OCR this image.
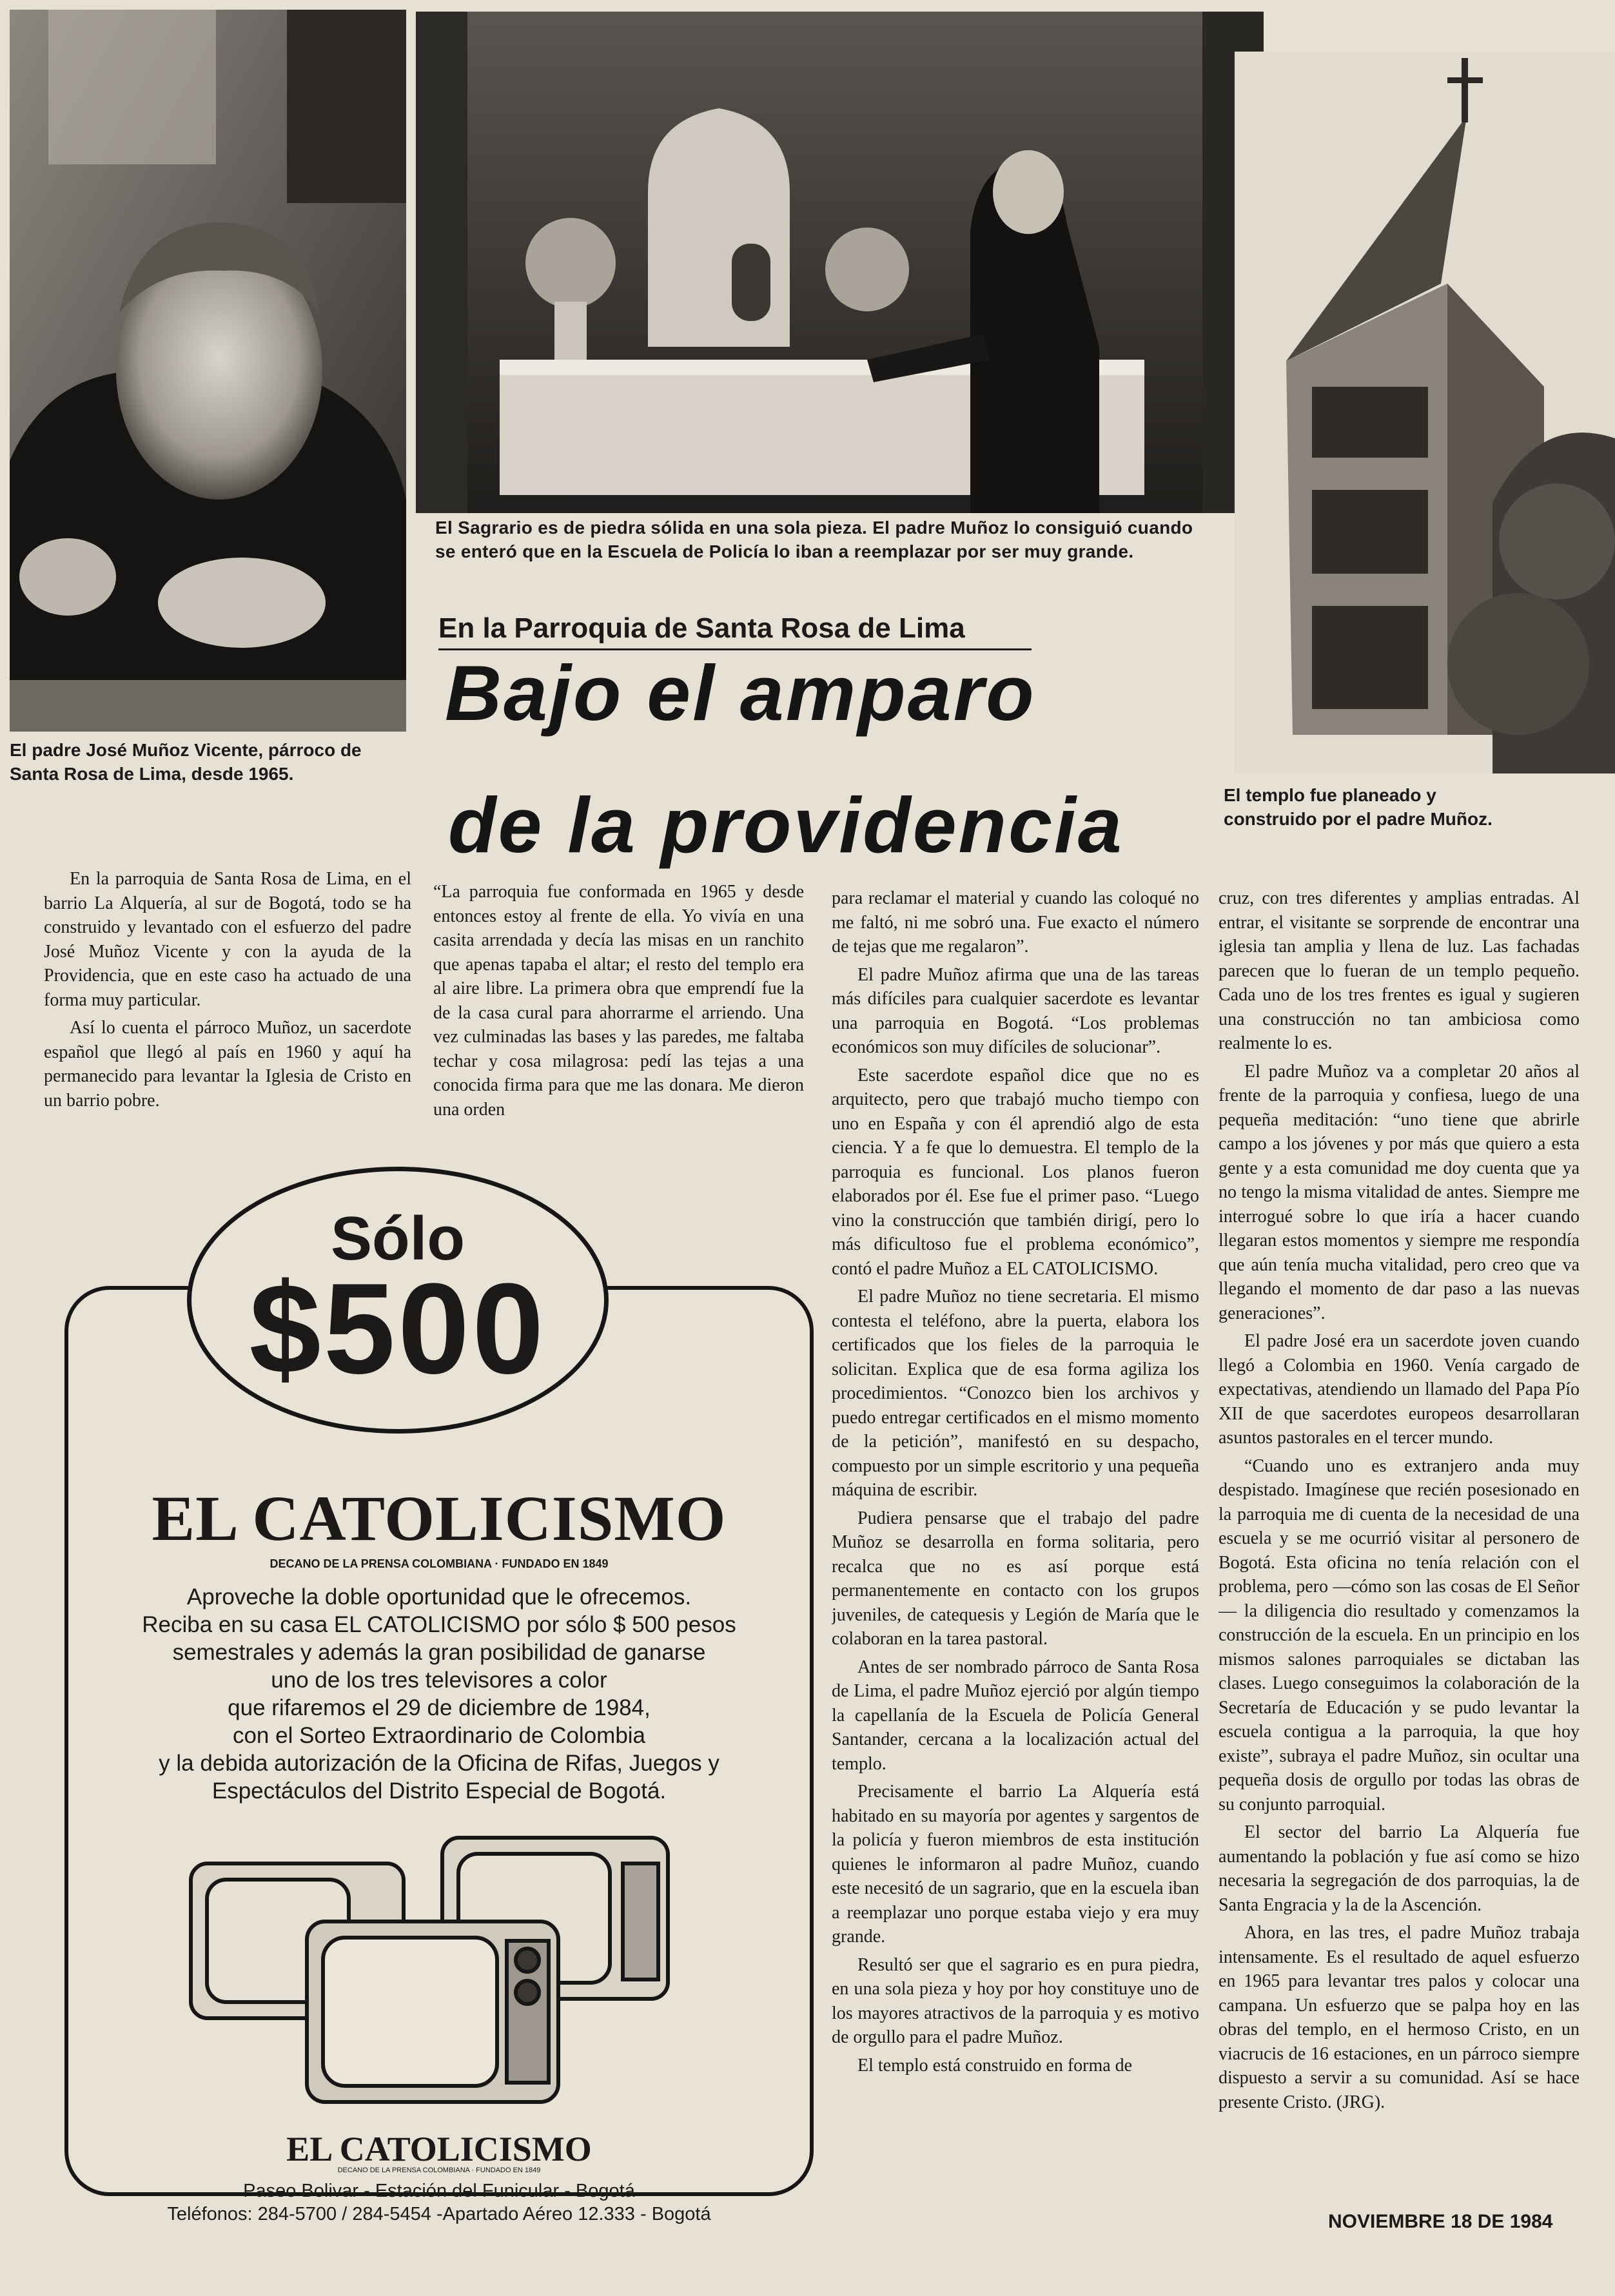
El padre José Muñoz Vicente, párroco de Santa Rosa de Lima, desde 1965.

El Sagrario es de piedra sólida en una sola pieza. El padre Muñoz lo consiguió cuando se enteró que en la Escuela de Policía lo iban a reemplazar por ser muy grande.

El templo fue planeado y construido por el padre Muñoz.

En la Parroquia de Santa Rosa de Lima

Bajo el amparo

de la providencia

En la parroquia de Santa Rosa de Lima, en el barrio La Alquería, al sur de Bogotá, todo se ha construido y levantado con el esfuerzo del padre José Muñoz Vicente y con la ayuda de la Providencia, que en este caso ha actuado de una forma muy particular.

Así lo cuenta el párroco Muñoz, un sacerdote español que llegó al país en 1960 y aquí ha permanecido para levantar la Iglesia de Cristo en un barrio pobre.

“La parroquia fue conformada en 1965 y desde entonces estoy al frente de ella. Yo vivía en una casita arrendada y decía las misas en un ranchito que apenas tapaba el altar; el resto del templo era al aire libre. La primera obra que emprendí fue la de la casa cural para ahorrarme el arriendo. Una vez culminadas las bases y las paredes, me faltaba techar y cosa milagrosa: pedí las tejas a una conocida firma para que me las donara. Me dieron una orden

para reclamar el material y cuando las coloqué no me faltó, ni me sobró una. Fue exacto el número de tejas que me regalaron”.

El padre Muñoz afirma que una de las tareas más difíciles para cualquier sacerdote es levantar una parroquia en Bogotá. “Los problemas económicos son muy difíciles de solucionar”.

Este sacerdote español dice que no es arquitecto, pero que trabajó mucho tiempo con uno en España y con él aprendió algo de esta ciencia. Y a fe que lo demuestra. El templo de la parroquia es funcional. Los planos fueron elaborados por él. Ese fue el primer paso. “Luego vino la construcción que también dirigí, pero lo más dificultoso fue el problema económico”, contó el padre Muñoz a EL CATOLICISMO.

El padre Muñoz no tiene secretaria. El mismo contesta el teléfono, abre la puerta, elabora los certificados que los fieles de la parroquia le solicitan. Explica que de esa forma agiliza los procedimientos. “Conozco bien los archivos y puedo entregar certificados en el mismo momento de la petición”, manifestó en su despacho, compuesto por un simple escritorio y una pequeña máquina de escribir.

Pudiera pensarse que el trabajo del padre Muñoz se desarrolla en forma solitaria, pero recalca que no es así porque está permanentemente en contacto con los grupos juveniles, de catequesis y Legión de María que le colaboran en la tarea pastoral.

Antes de ser nombrado párroco de Santa Rosa de Lima, el padre Muñoz ejerció por algún tiempo la capellanía de la Escuela de Policía General Santander, cercana a la localización actual del templo.

Precisamente el barrio La Alquería está habitado en su mayoría por agentes y sargentos de la policía y fueron miembros de esta institución quienes le informaron al padre Muñoz, cuando este necesitó de un sagrario, que en la escuela iban a reemplazar uno porque estaba viejo y era muy grande.

Resultó ser que el sagrario es en pura piedra, en una sola pieza y hoy por hoy constituye uno de los mayores atractivos de la parroquia y es motivo de orgullo para el padre Muñoz.

El templo está construido en forma de

cruz, con tres diferentes y amplias entradas. Al entrar, el visitante se sorprende de encontrar una iglesia tan amplia y llena de luz. Las fachadas parecen que lo fueran de un templo pequeño. Cada uno de los tres frentes es igual y sugieren una construcción no tan ambiciosa como realmente lo es.

El padre Muñoz va a completar 20 años al frente de la parroquia y confiesa, luego de una pequeña meditación: “uno tiene que abrirle campo a los jóvenes y por más que quiero a esta gente y a esta comunidad me doy cuenta que ya no tengo la misma vitalidad de antes. Siempre me interrogué sobre lo que iría a hacer cuando llegaran estos momentos y siempre me respondía que aún tenía mucha vitalidad, pero creo que va llegando el momento de dar paso a las nuevas generaciones”.

El padre José era un sacerdote joven cuando llegó a Colombia en 1960. Venía cargado de expectativas, atendiendo un llamado del Papa Pío XII de que sacerdotes europeos desarrollaran asuntos pastorales en el tercer mundo.

“Cuando uno es extranjero anda muy despistado. Imagínese que recién posesionado en la parroquia me di cuenta de la necesidad de una escuela y se me ocurrió visitar al personero de Bogotá. Esta oficina no tenía relación con el problema, pero —cómo son las cosas de El Señor— la diligencia dio resultado y comenzamos la construcción de la escuela. En un principio en los mismos salones parroquiales se dictaban las clases. Luego conseguimos la colaboración de la Secretaría de Educación y se pudo levantar la escuela contigua a la parroquia, la que hoy existe”, subraya el padre Muñoz, sin ocultar una pequeña dosis de orgullo por todas las obras de su conjunto parroquial.

El sector del barrio La Alquería fue aumentando la población y fue así como se hizo necesaria la segregación de dos parroquias, la de Santa Engracia y la de la Ascención.

Ahora, en las tres, el padre Muñoz trabaja intensamente. Es el resultado de aquel esfuerzo en 1965 para levantar tres palos y colocar una campana. Un esfuerzo que se palpa hoy en las obras del templo, en el hermoso Cristo, en un viacrucis de 16 estaciones, en un párroco siempre dispuesto a servir a su comunidad. Así se hace presente Cristo. (JRG).

Sólo

$500

EL CATOLICISMO

DECANO DE LA PRENSA COLOMBIANA · FUNDADO EN 1849

Aproveche la doble oportunidad que le ofrecemos.
Reciba en su casa EL CATOLICISMO por sólo $ 500 pesos
semestrales y además la gran posibilidad de ganarse
uno de los tres televisores a color
que rifaremos el 29 de diciembre de 1984,
con el Sorteo Extraordinario de Colombia
y la debida autorización de la Oficina de Rifas, Juegos y
Espectáculos del Distrito Especial de Bogotá.

EL CATOLICISMO

DECANO DE LA PRENSA COLOMBIANA · FUNDADO EN 1849

Paseo Bolivar - Estación del Funicular - Bogotá
Teléfonos: 284-5700 / 284-5454 -Apartado Aéreo 12.333 - Bogotá	NOVIEMBRE 18 DE 1984
